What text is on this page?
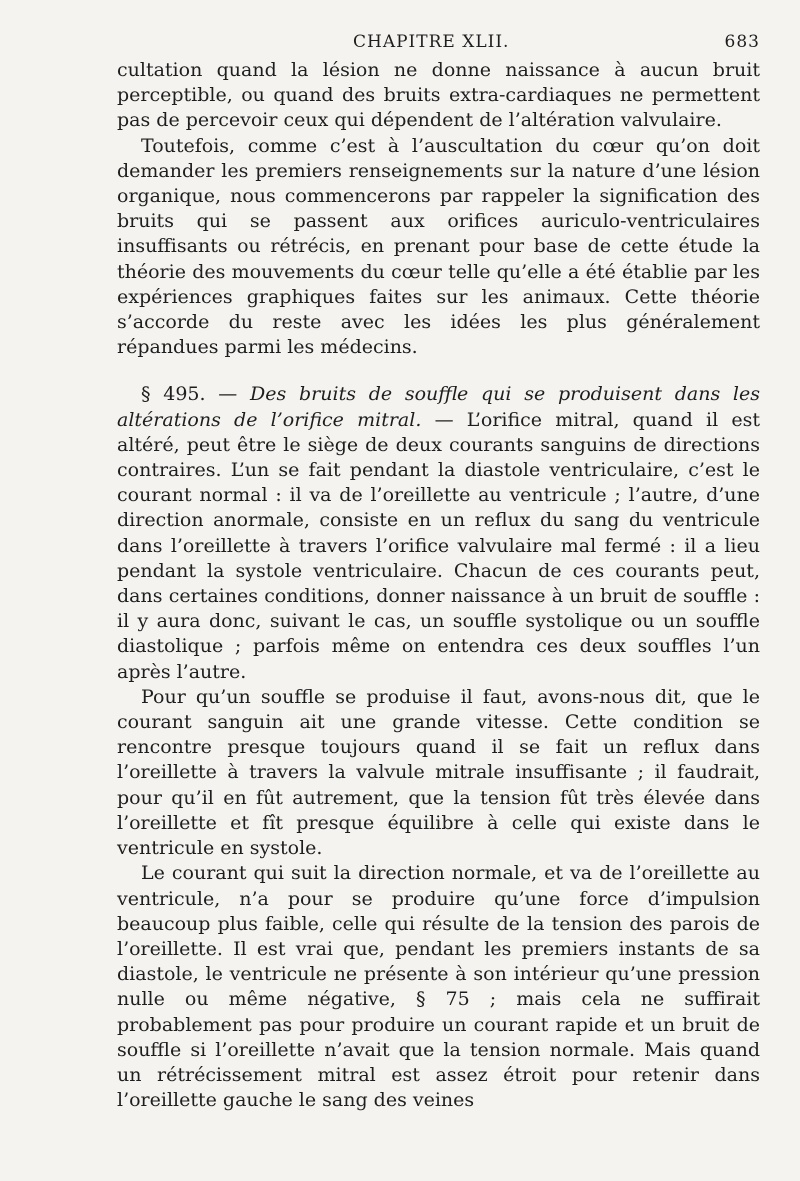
CHAPITRE XLII.	683

cultation quand la lésion ne donne naissance à aucun bruit perceptible, ou quand des bruits extra-cardiaques ne permettent pas de percevoir ceux qui dépendent de l’altération valvulaire.

Toutefois, comme c’est à l’auscultation du cœur qu’on doit demander les premiers renseignements sur la nature d’une lésion organique, nous commencerons par rappeler la signification des bruits qui se passent aux orifices auriculo-ventriculaires insuffisants ou rétrécis, en prenant pour base de cette étude la théorie des mouvements du cœur telle qu’elle a été établie par les expériences graphiques faites sur les animaux. Cette théorie s’accorde du reste avec les idées les plus généralement répandues parmi les médecins.

§ 495. — Des bruits de souffle qui se produisent dans les altérations de l’orifice mitral. — L’orifice mitral, quand il est altéré, peut être le siège de deux courants sanguins de directions contraires. L’un se fait pendant la diastole ventriculaire, c’est le courant normal : il va de l’oreillette au ventricule ; l’autre, d’une direction anormale, consiste en un reflux du sang du ventricule dans l’oreillette à travers l’orifice valvulaire mal fermé : il a lieu pendant la systole ventriculaire. Chacun de ces courants peut, dans certaines conditions, donner naissance à un bruit de souffle : il y aura donc, suivant le cas, un souffle systolique ou un souffle diastolique ; parfois même on entendra ces deux souffles l’un après l’autre.

Pour qu’un souffle se produise il faut, avons-nous dit, que le courant sanguin ait une grande vitesse. Cette condition se rencontre presque toujours quand il se fait un reflux dans l’oreillette à travers la valvule mitrale insuffisante ; il faudrait, pour qu’il en fût autrement, que la tension fût très élevée dans l’oreillette et fît presque équilibre à celle qui existe dans le ventricule en systole.

Le courant qui suit la direction normale, et va de l’oreillette au ventricule, n’a pour se produire qu’une force d’impulsion beaucoup plus faible, celle qui résulte de la tension des parois de l’oreillette. Il est vrai que, pendant les premiers instants de sa diastole, le ventricule ne présente à son intérieur qu’une pression nulle ou même négative, § 75 ; mais cela ne suffirait probablement pas pour produire un courant rapide et un bruit de souffle si l’oreillette n’avait que la tension normale. Mais quand un rétrécissement mitral est assez étroit pour retenir dans l’oreillette gauche le sang des veines
